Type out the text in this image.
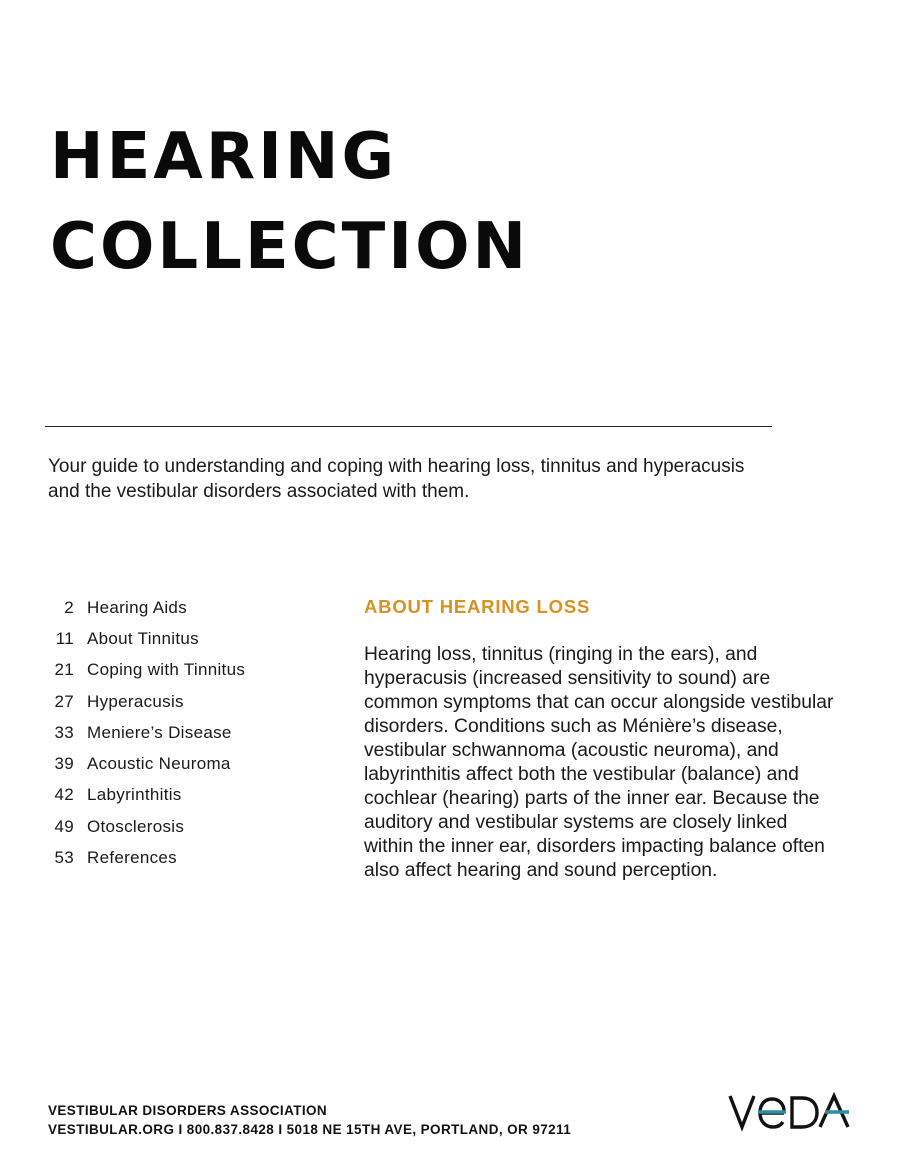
HEARING
COLLECTION

Your guide to understanding and coping with hearing loss, tinnitus and hyperacusis and the vestibular disorders associated with them.

2 Hearing Aids
11 About Tinnitus
21 Coping with Tinnitus
27 Hyperacusis
33 Meniere’s Disease
39 Acoustic Neuroma
42 Labyrinthitis
49 Otosclerosis
53 References
ABOUT HEARING LOSS

Hearing loss, tinnitus (ringing in the ears), and hyperacusis (increased sensitivity to sound) are common symptoms that can occur alongside vestibular disorders. Conditions such as Ménière’s disease, vestibular schwannoma (acoustic neuroma), and labyrinthitis affect both the vestibular (balance) and cochlear (hearing) parts of the inner ear. Because the auditory and vestibular systems are closely linked within the inner ear, disorders impacting balance often also affect hearing and sound perception.

VESTIBULAR DISORDERS ASSOCIATION
VESTIBULAR.ORG I 800.837.8428 I 5018 NE 15TH AVE, PORTLAND, OR 97211
